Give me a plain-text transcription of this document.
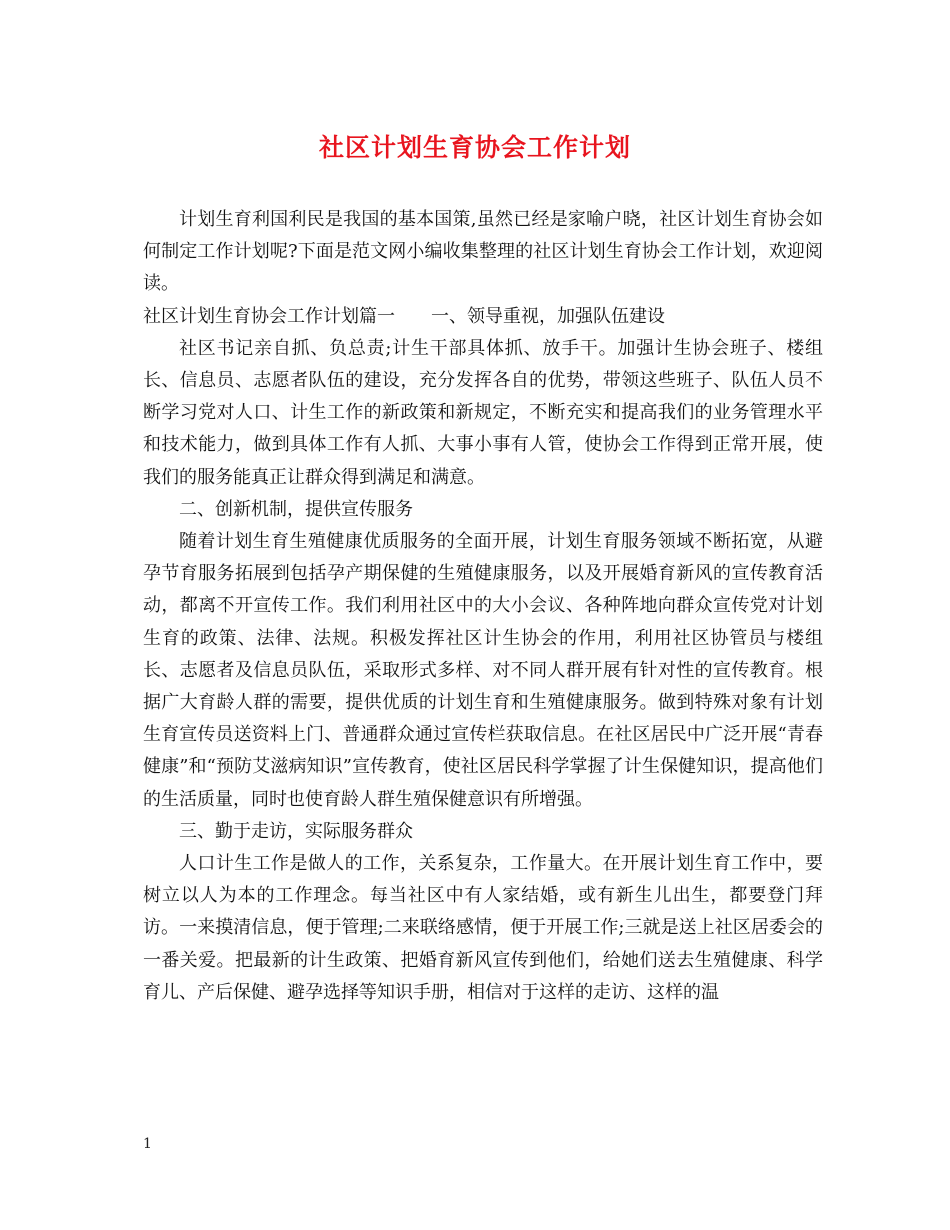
社区计划生育协会工作计划

计划生育利国利民是我国的基本国策,虽然已经是家喻户晓，社区计划生育协会如何制定工作计划呢?下面是范文网小编收集整理的社区计划生育协会工作计划，欢迎阅读。

社区计划生育协会工作计划篇一　　一、领导重视，加强队伍建设

社区书记亲自抓、负总责;计生干部具体抓、放手干。加强计生协会班子、楼组长、信息员、志愿者队伍的建设，充分发挥各自的优势，带领这些班子、队伍人员不断学习党对人口、计生工作的新政策和新规定，不断充实和提高我们的业务管理水平和技术能力，做到具体工作有人抓、大事小事有人管，使协会工作得到正常开展，使我们的服务能真正让群众得到满足和满意。

二、创新机制，提供宣传服务

随着计划生育生殖健康优质服务的全面开展，计划生育服务领域不断拓宽，从避孕节育服务拓展到包括孕产期保健的生殖健康服务，以及开展婚育新风的宣传教育活动，都离不开宣传工作。我们利用社区中的大小会议、各种阵地向群众宣传党对计划生育的政策、法律、法规。积极发挥社区计生协会的作用，利用社区协管员与楼组长、志愿者及信息员队伍，采取形式多样、对不同人群开展有针对性的宣传教育。根据广大育龄人群的需要，提供优质的计划生育和生殖健康服务。做到特殊对象有计划生育宣传员送资料上门、普通群众通过宣传栏获取信息。在社区居民中广泛开展“青春健康”和“预防艾滋病知识”宣传教育，使社区居民科学掌握了计生保健知识，提高他们的生活质量，同时也使育龄人群生殖保健意识有所增强。

三、勤于走访，实际服务群众

人口计生工作是做人的工作，关系复杂，工作量大。在开展计划生育工作中，要树立以人为本的工作理念。每当社区中有人家结婚，或有新生儿出生，都要登门拜访。一来摸清信息，便于管理;二来联络感情，便于开展工作;三就是送上社区居委会的一番关爱。把最新的计生政策、把婚育新风宣传到他们，给她们送去生殖健康、科学育儿、产后保健、避孕选择等知识手册，相信对于这样的走访、这样的温

1
